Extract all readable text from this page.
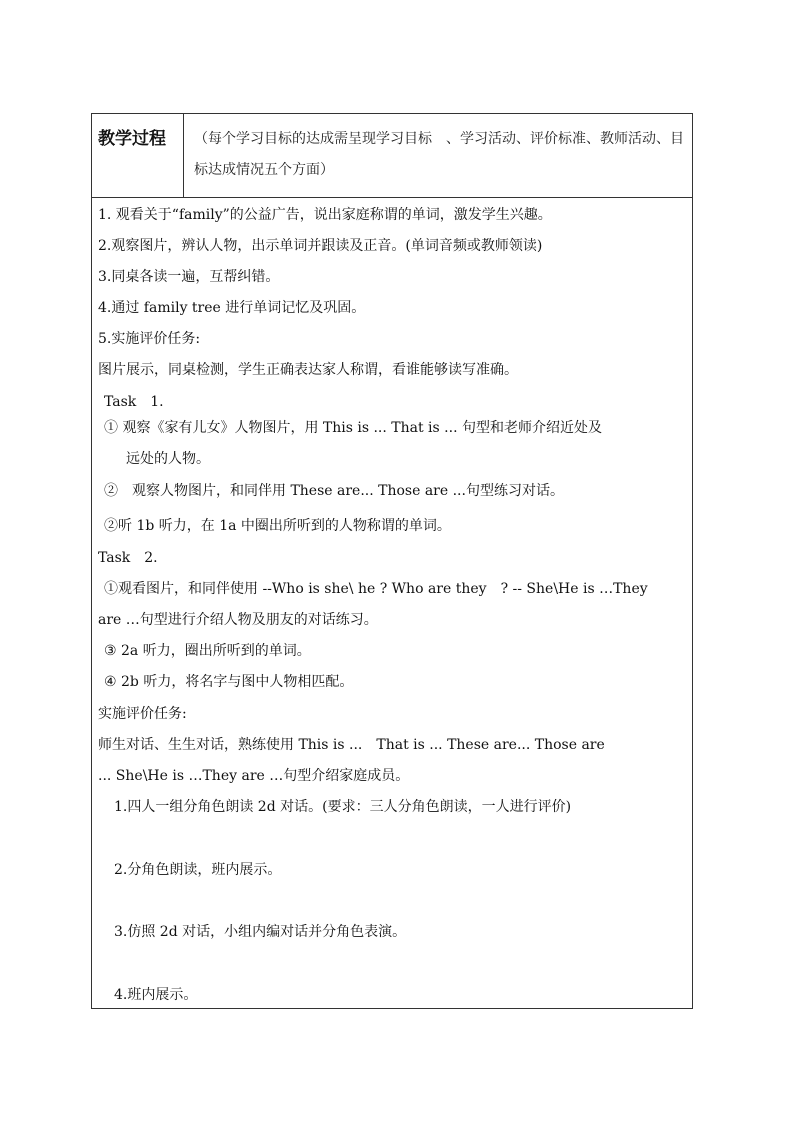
教学过程 （每个学习目标的达成需呈现学习目标　、学习活动、评价标准、教师活动、目标达成情况五个方面）
1. 观看关于“family”的公益广告，说出家庭称谓的单词，激发学生兴趣。
2.观察图片，辨认人物，出示单词并跟读及正音。(单词音频或教师领读)
3.同桌各读一遍，互帮纠错。
4.通过 family tree 进行单词记忆及巩固。
5.实施评价任务:
图片展示，同桌检测，学生正确表达家人称谓，看谁能够读写准确。
Task　1.
① 观察《家有儿女》人物图片，用 This is ... That is ... 句型和老师介绍近处及
远处的人物。
②　观察人物图片，和同伴用 These are... Those are ...句型练习对话。
②听 1b 听力，在 1a 中圈出所听到的人物称谓的单词。
Task　2.
①观看图片，和同伴使用 --Who is she\ he ? Who are they　? -- She\He is …They
are …句型进行介绍人物及朋友的对话练习。
③ 2a 听力，圈出所听到的单词。
④ 2b 听力，将名字与图中人物相匹配。
实施评价任务:
师生对话、生生对话，熟练使用 This is ...　That is ... These are... Those are
... She\He is …They are …句型介绍家庭成员。
1.四人一组分角色朗读 2d 对话。(要求：三人分角色朗读，一人进行评价)
2.分角色朗读，班内展示。
3.仿照 2d 对话，小组内编对话并分角色表演。
4.班内展示。
